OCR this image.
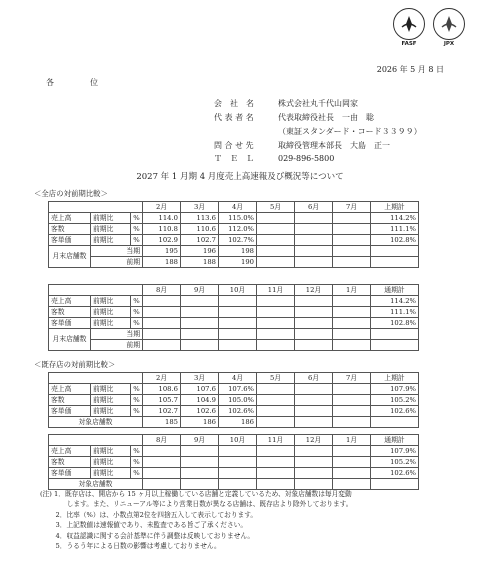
FASF	JPX
2026 年 5 月 8 日
各　位
会　社　名	株式会社丸千代山岡家
代 表 者 名	代表取締役社長　一由　聡
（東証スタンダード・コード３３９９）
問 合 せ 先	取締役管理本部長　大島　正一
Ｔ　Ｅ　Ｌ	029-896-5800
2027 年 1 月期 4 月度売上高速報及び概況等について
＜全店の対前期比較＞
			2月	3月	4月	5月	6月	7月	上期計
売上高	前期比	%	114.0	113.6	115.0%				114.2%
客数	前期比	%	110.8	110.6	112.0%				111.1%
客単価	前期比	%	102.9	102.7	102.7%				102.8%
月末店舗数	当期		195	196	198				
	前期		188	188	190				
			8月	9月	10月	11月	12月	1月	通期計
売上高	前期比	%							114.2%
客数	前期比	%							111.1%
客単価	前期比	%							102.8%
月末店舗数	当期								
	前期								
＜既存店の対前期比較＞
			2月	3月	4月	5月	6月	7月	上期計
売上高	前期比	%	108.6	107.6	107.6%				107.9%
客数	前期比	%	105.7	104.9	105.0%				105.2%
客単価	前期比	%	102.7	102.6	102.6%				102.6%
対象店舗数			185	186	186				
			8月	9月	10月	11月	12月	1月	通期計
売上高	前期比	%							107.9%
客数	前期比	%							105.2%
客単価	前期比	%							102.6%
対象店舗数									
(注) 1．既存店は、開店から 15 ヶ月以上稼働している店舗と定義しているため、対象店舗数は毎月変動
　　　　します。また、リニューアル等により営業日数が異なる店舗は、既存店より除外しております。
　　 2．比率（%）は、小数点第2位を四捨五入して表示しております。
　　 3．上記数値は速報値であり、未監査である旨ご了承ください。
　　 4．収益認識に関する会計基準に伴う調整は反映しておりません。
　　 5．うるう年による日数の影響は考慮しておりません。
